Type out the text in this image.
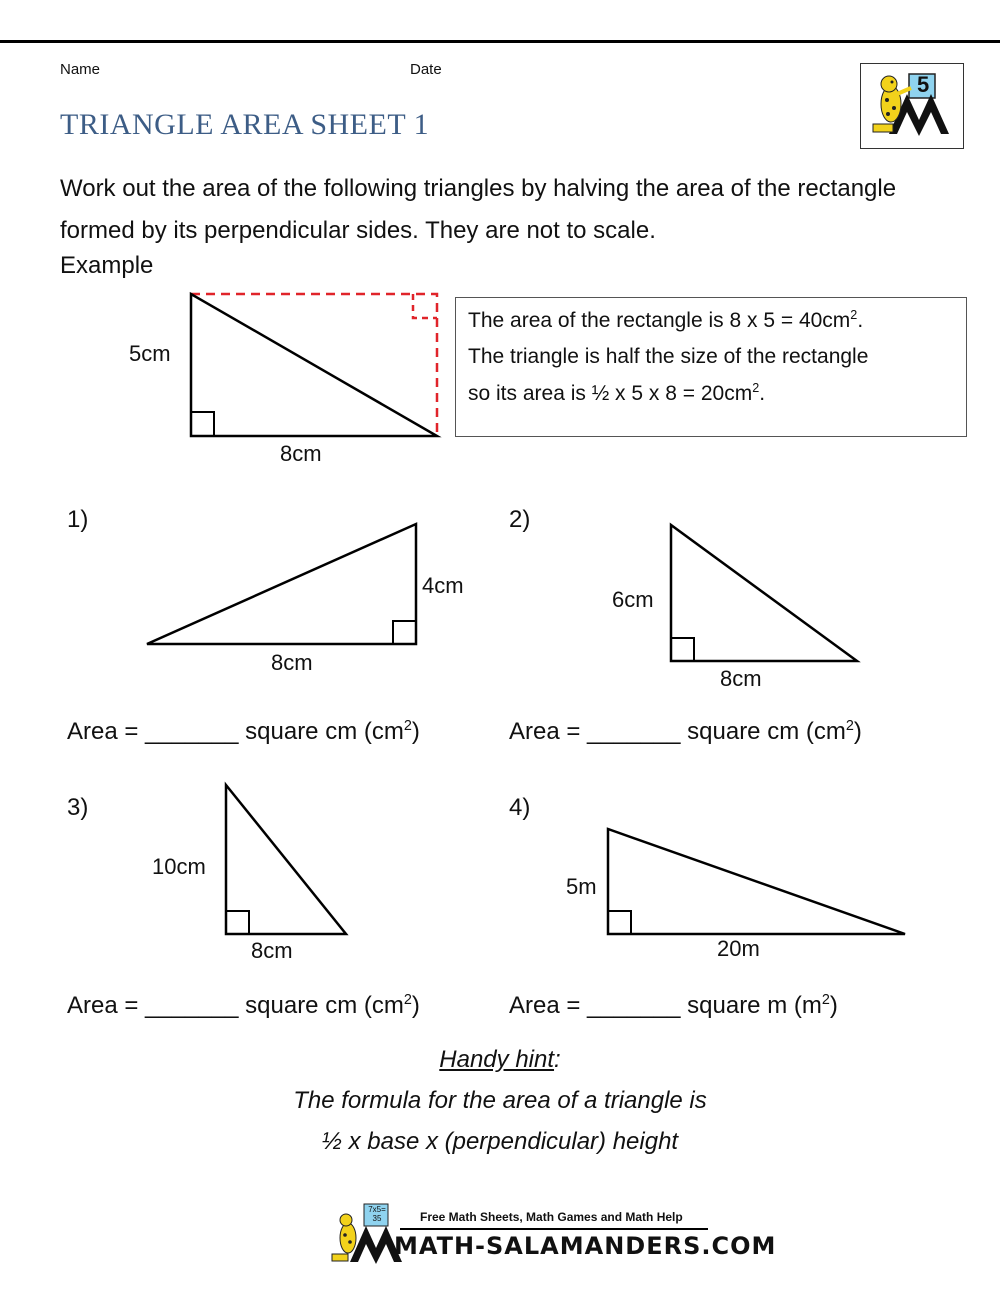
Name	Date
TRIANGLE AREA SHEET 1
5
Work out the area of the following triangles by halving the area of the rectangle formed by its perpendicular sides. They are not to scale.
Example
5cm
8cm
The area of the rectangle is 8 x $5 = 40cm^2$.
The triangle is half the size of the rectangle
so its area is ½ x 5 x $8 = 20cm^2$.
1)
4cm
8cm
Area = _______ square cm $(cm^2)$
2)
6cm
8cm
Area = _______ square cm $(cm^2)$
3)
10cm
8cm
Area = _______ square cm $(cm^2)$
4)
5m
20m
Area = _______ square m $(m^2)$
Handy hint:
The formula for the area of a triangle is
½ x base x (perpendicular) height
7x5= 35	Free Math Sheets, Math Games and Math Help
MATH-SALAMANDERS.COM
